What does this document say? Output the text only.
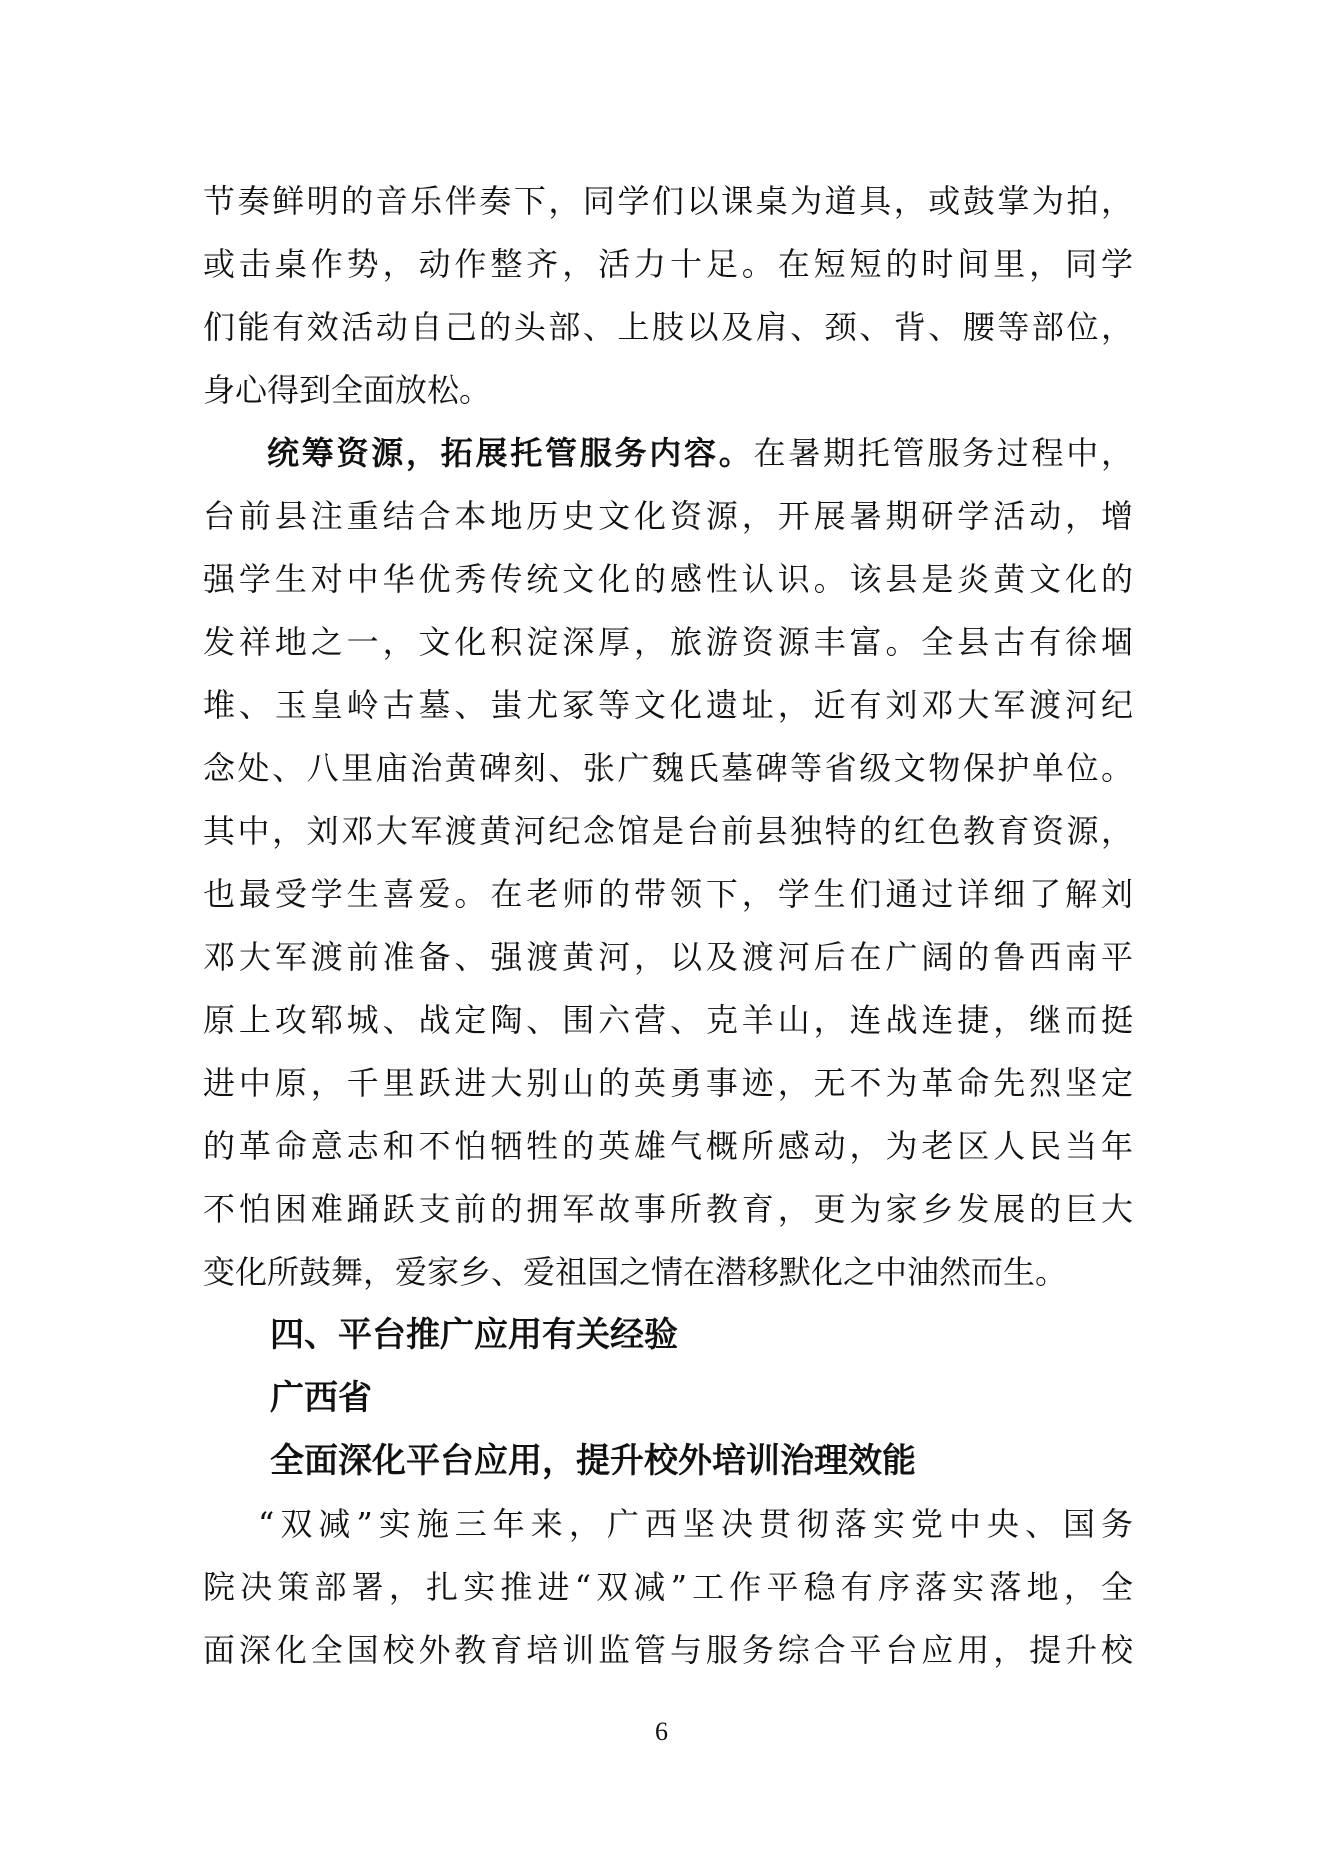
节奏鲜明的音乐伴奏下，同学们以课桌为道具，或鼓掌为拍，
或击桌作势，动作整齐，活力十足。在短短的时间里，同学
们能有效活动自己的头部、上肢以及肩、颈、背、腰等部位，
身心得到全面放松。
统筹资源，拓展托管服务内容。在暑期托管服务过程中，
台前县注重结合本地历史文化资源，开展暑期研学活动，增
强学生对中华优秀传统文化的感性认识。该县是炎黄文化的
发祥地之一，文化积淀深厚，旅游资源丰富。全县古有徐堌
堆、玉皇岭古墓、蚩尤冢等文化遗址，近有刘邓大军渡河纪
念处、八里庙治黄碑刻、张广魏氏墓碑等省级文物保护单位。
其中，刘邓大军渡黄河纪念馆是台前县独特的红色教育资源，
也最受学生喜爱。在老师的带领下，学生们通过详细了解刘
邓大军渡前准备、强渡黄河，以及渡河后在广阔的鲁西南平
原上攻郓城、战定陶、围六营、克羊山，连战连捷，继而挺
进中原，千里跃进大别山的英勇事迹，无不为革命先烈坚定
的革命意志和不怕牺牲的英雄气概所感动，为老区人民当年
不怕困难踊跃支前的拥军故事所教育，更为家乡发展的巨大
变化所鼓舞，爱家乡、爱祖国之情在潜移默化之中油然而生。
四、平台推广应用有关经验
广西省
全面深化平台应用，提升校外培训治理效能
“双减”实施三年来，广西坚决贯彻落实党中央、国务
院决策部署，扎实推进“双减”工作平稳有序落实落地，全
面深化全国校外教育培训监管与服务综合平台应用，提升校
6
